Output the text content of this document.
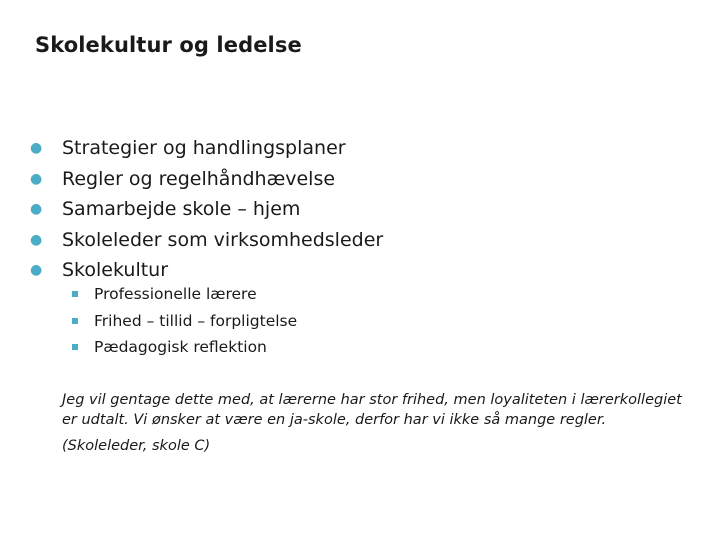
Skolekultur og ledelse
● Strategier og handlingsplaner
● Regler og regelhåndhævelse
● Samarbejde skole – hjem
● Skoleleder som virksomhedsleder
● Skolekultur
Professionelle lærere
Frihed – tillid – forpligtelse
Pædagogisk reflektion

Jeg vil gentage dette med, at lærerne har stor frihed, men loyaliteten i lærerkollegiet er udtalt. Vi ønsker at være en ja-skole, derfor har vi ikke så mange regler.

(Skoleleder, skole C)
